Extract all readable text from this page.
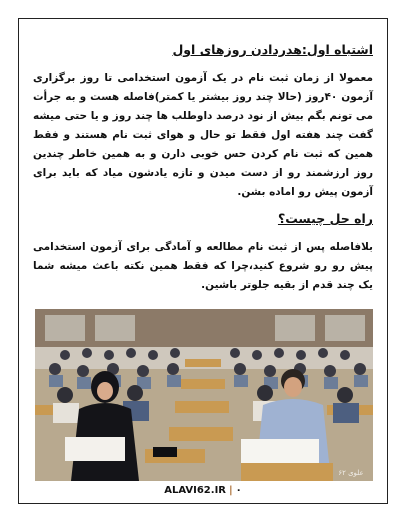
اشتباه اول:هدردادن روزهای اول

معمولا از زمان ثبت نام در یک آزمون استخدامی تا روز برگزاری آزمون ۴۰روز (حالا چند روز بیشتر یا کمتر)فاصله هست و به جرأت می تونم بگم بیش از نود درصد داوطلب ها چند روز و یا حتی میشه گفت چند هفته اول فقط تو حال و هوای ثبت نام هستند و فقط همین که ثبت نام کردن حس خوبی دارن و به همین خاطر چندین روز ارزشمند رو از دست میدن و تازه یادشون میاد که باید برای آزمون پیش رو اماده بشن.

راه حل چیست؟

بلافاصله پس از ثبت نام مطالعه و آمادگی برای آزمون استخدامی پیش رو رو شروع کنید،چرا که فقط همین نکته باعث میشه شما یک چند قدم از بقیه جلوتر باشین.

علوی ۶۲
ALAVI62.IR | ۰
